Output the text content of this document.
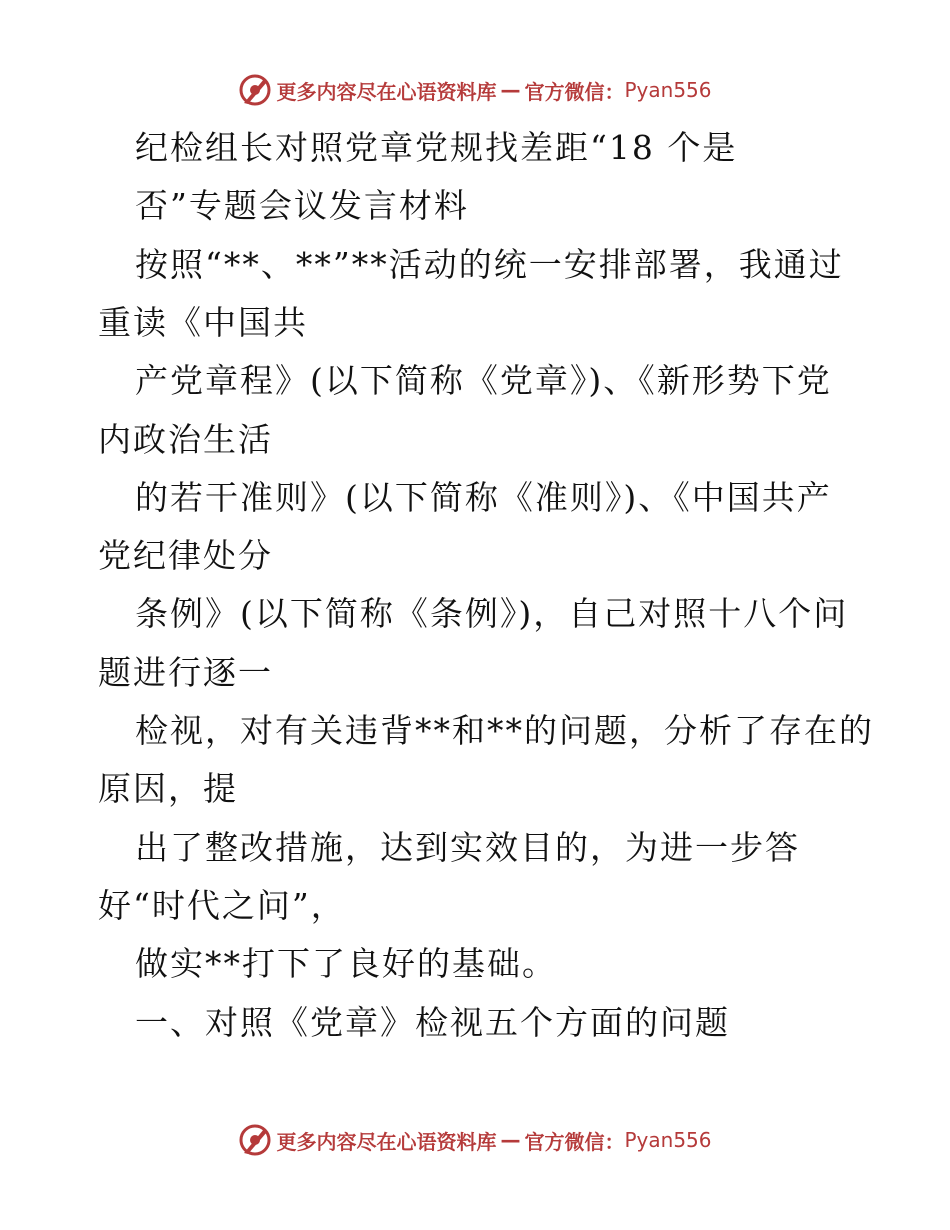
更多内容尽在心语资料库 — 官方微信： Pyan556
纪检组长对照党章党规找差距“18 个是
否”专题会议发言材料
按照“**、**”**活动的统一安排部署，我通过
重读《中国共
产党章程》(以下简称《党章》)、《新形势下党
内政治生活
的若干准则》(以下简称《准则》)、《中国共产
党纪律处分
条例》(以下简称《条例》)，自己对照十八个问
题进行逐一
检视，对有关违背**和**的问题，分析了存在的
原因，提
出了整改措施，达到实效目的，为进一步答
好“时代之问”，
做实**打下了良好的基础。
一、对照《党章》检视五个方面的问题
更多内容尽在心语资料库 — 官方微信： Pyan556
